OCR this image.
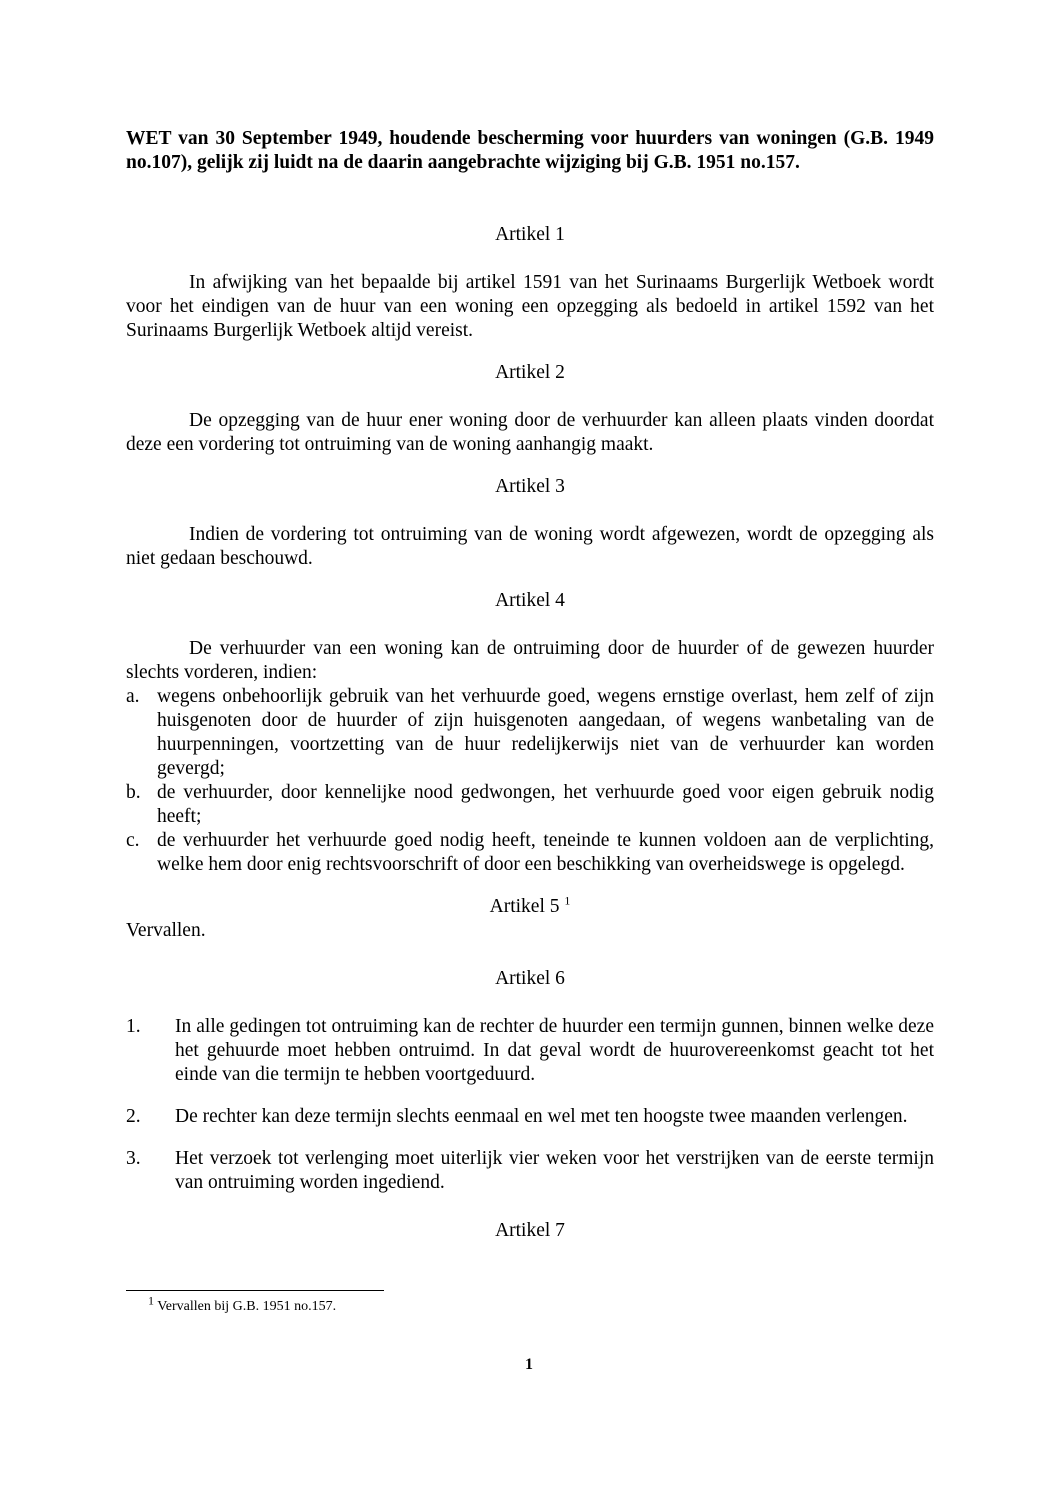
WET van 30 September 1949, houdende bescherming voor huurders van woningen (G.B. 1949 no.107), gelijk zij luidt na de daarin aangebrachte wijziging bij G.B. 1951 no.157.

Artikel 1

In afwijking van het bepaalde bij artikel 1591 van het Surinaams Burgerlijk Wetboek wordt voor het eindigen van de huur van een woning een opzegging als bedoeld in artikel 1592 van het Surinaams Burgerlijk Wetboek altijd vereist.

Artikel 2

De opzegging van de huur ener woning door de verhuurder kan alleen plaats vinden doordat deze een vordering tot ontruiming van de woning aanhangig maakt.

Artikel 3

Indien de vordering tot ontruiming van de woning wordt afgewezen, wordt de opzegging als niet gedaan beschouwd.

Artikel 4

De verhuurder van een woning kan de ontruiming door de huurder of de gewezen huurder slechts vorderen, indien:

a. wegens onbehoorlijk gebruik van het verhuurde goed, wegens ernstige overlast, hem zelf of zijn huisgenoten door de huurder of zijn huisgenoten aangedaan, of wegens wanbetaling van de huurpenningen, voortzetting van de huur redelijkerwijs niet van de verhuurder kan worden gevergd;
b. de verhuurder, door kennelijke nood gedwongen, het verhuurde goed voor eigen gebruik nodig heeft;
c. de verhuurder het verhuurde goed nodig heeft, teneinde te kunnen voldoen aan de verplichting, welke hem door enig rechtsvoorschrift of door een beschikking van overheidswege is opgelegd.

Artikel 5 $^1$

Vervallen.

Artikel 6

1.	In alle gedingen tot ontruiming kan de rechter de huurder een termijn gunnen, binnen welke deze het gehuurde moet hebben ontruimd. In dat geval wordt de huurovereenkomst geacht tot het einde van die termijn te hebben voortgeduurd.
2.	De rechter kan deze termijn slechts eenmaal en wel met ten hoogste twee maanden verlengen.
3.	Het verzoek tot verlenging moet uiterlijk vier weken voor het verstrijken van de eerste termijn van ontruiming worden ingediend.

Artikel 7

$^1$ Vervallen bij G.B. 1951 no.157.
1
